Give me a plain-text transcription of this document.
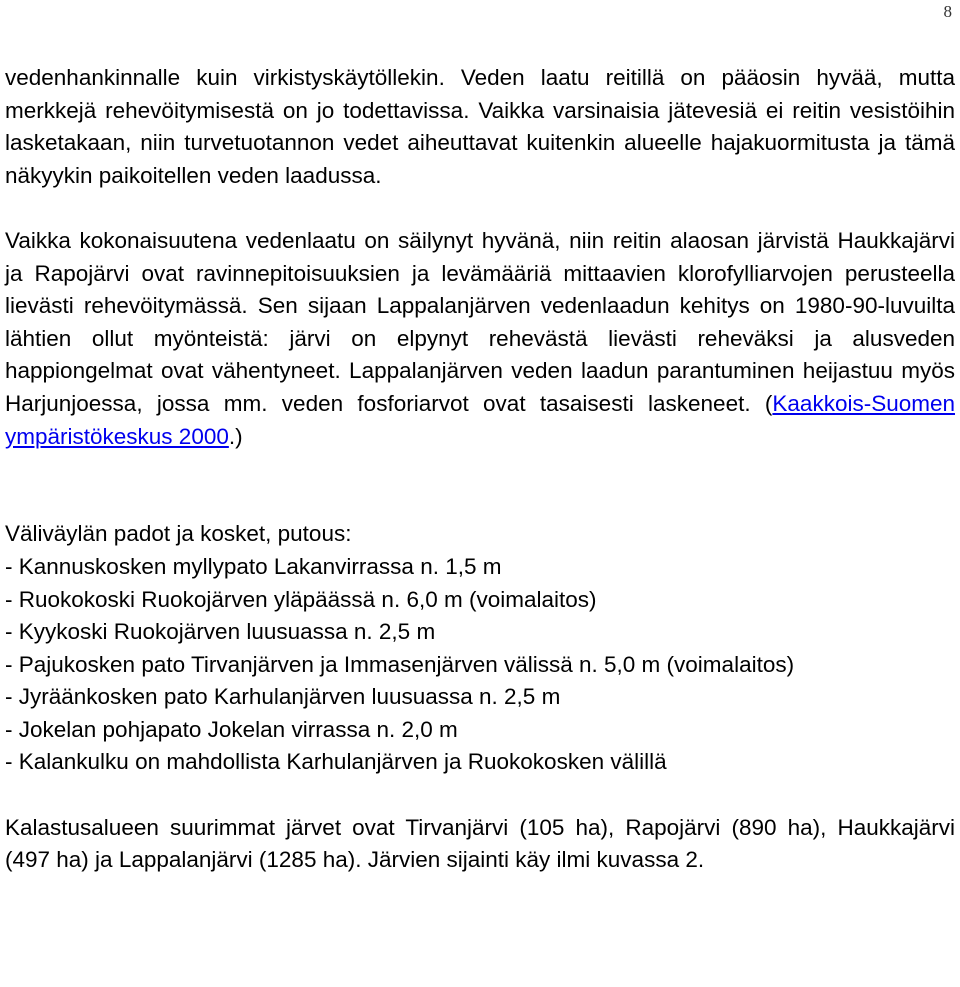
8

vedenhankinnalle kuin virkistyskäytöllekin. Veden laatu reitillä on pääosin hyvää, mutta merkkejä rehevöitymisestä on jo todettavissa. Vaikka varsinaisia jätevesiä ei reitin vesistöihin lasketakaan, niin turvetuotannon vedet aiheuttavat kuitenkin alueelle hajakuormitusta ja tämä näkyykin paikoitellen veden laadussa.

Vaikka kokonaisuutena vedenlaatu on säilynyt hyvänä, niin reitin alaosan järvistä Haukkajärvi ja Rapojärvi ovat ravinnepitoisuuksien ja levämääriä mittaavien klorofylliarvojen perusteella lievästi rehevöitymässä. Sen sijaan Lappalanjärven vedenlaadun kehitys on 1980-90-luvuilta lähtien ollut myönteistä: järvi on elpynyt rehevästä lievästi reheväksi ja alusveden happiongelmat ovat vähentyneet. Lappalanjärven veden laadun parantuminen heijastuu myös Harjunjoessa, jossa mm. veden fosforiarvot ovat tasaisesti laskeneet. (Kaakkois-Suomen ympäristökeskus 2000.)

Väliväylän padot ja kosket, putous:
- Kannuskosken myllypato Lakanvirrassa n. 1,5 m
- Ruokokoski Ruokojärven yläpäässä n. 6,0 m (voimalaitos)
- Kyykoski Ruokojärven luusuassa n. 2,5 m
- Pajukosken pato Tirvanjärven ja Immasenjärven välissä n. 5,0 m (voimalaitos)
- Jyräänkosken pato Karhulanjärven luusuassa n. 2,5 m
- Jokelan pohjapato Jokelan virrassa n. 2,0 m
- Kalankulku on mahdollista Karhulanjärven ja Ruokokosken välillä

Kalastusalueen suurimmat järvet ovat Tirvanjärvi (105 ha), Rapojärvi (890 ha), Haukkajärvi (497 ha) ja Lappalanjärvi (1285 ha). Järvien sijainti käy ilmi kuvassa 2.
